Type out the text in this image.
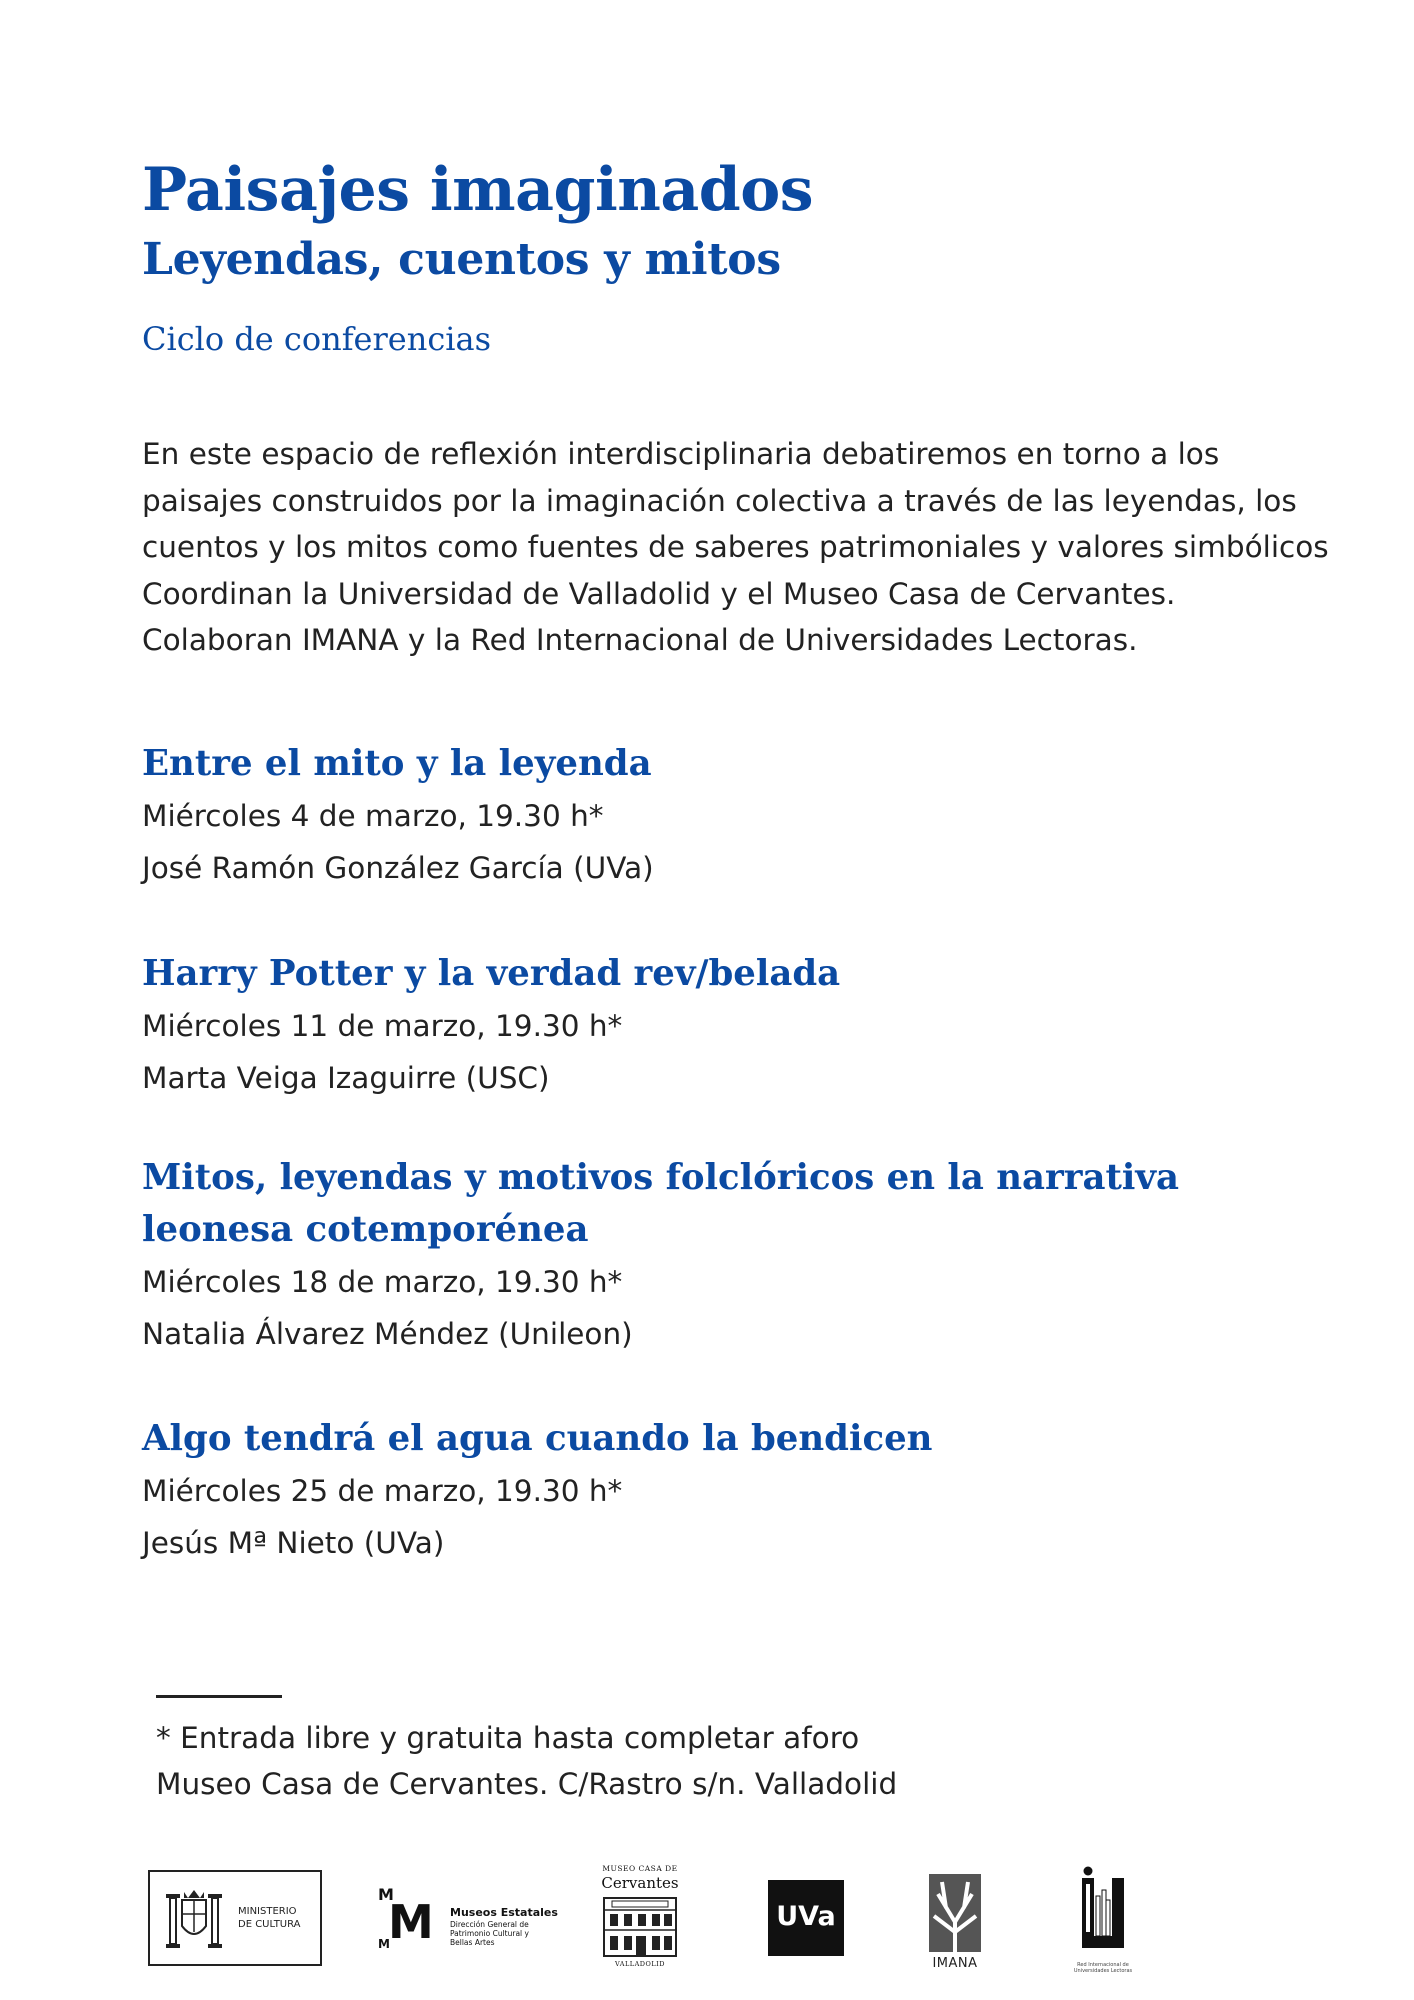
Paisajes imaginados
Leyendas, cuentos y mitos
Ciclo de conferencias
En este espacio de reflexión interdisciplinaria debatiremos en torno a los
paisajes construidos por la imaginación colectiva a través de las leyendas, los
cuentos y los mitos como fuentes de saberes patrimoniales y valores simbólicos
Coordinan la Universidad de Valladolid y el Museo Casa de Cervantes.
Colaboran IMANA y la Red Internacional de Universidades Lectoras.
Entre el mito y la leyenda
Miércoles 4 de marzo, 19.30 h*
José Ramón González García (UVa)
Harry Potter y la verdad rev/belada
Miércoles 11 de marzo, 19.30 h*
Marta Veiga Izaguirre (USC)
Mitos, leyendas y motivos folclóricos en la narrativa
leonesa cotemporénea
Miércoles 18 de marzo, 19.30 h*
Natalia Álvarez Méndez (Unileon)
Algo tendrá el agua cuando la bendicen
Miércoles 25 de marzo, 19.30 h*
Jesús Mª Nieto (UVa)
* Entrada libre y gratuita hasta completar aforo
Museo Casa de Cervantes. C/Rastro s/n. Valladolid
MINISTERIO
DE CULTURA
M
M
M
Museos Estatales
Dirección General de Patrimonio Cultural y Bellas Artes
MUSEO CASA DE
Cervantes
VALLADOLID
UVa
IMANA	Red Internacional de Universidades Lectoras
